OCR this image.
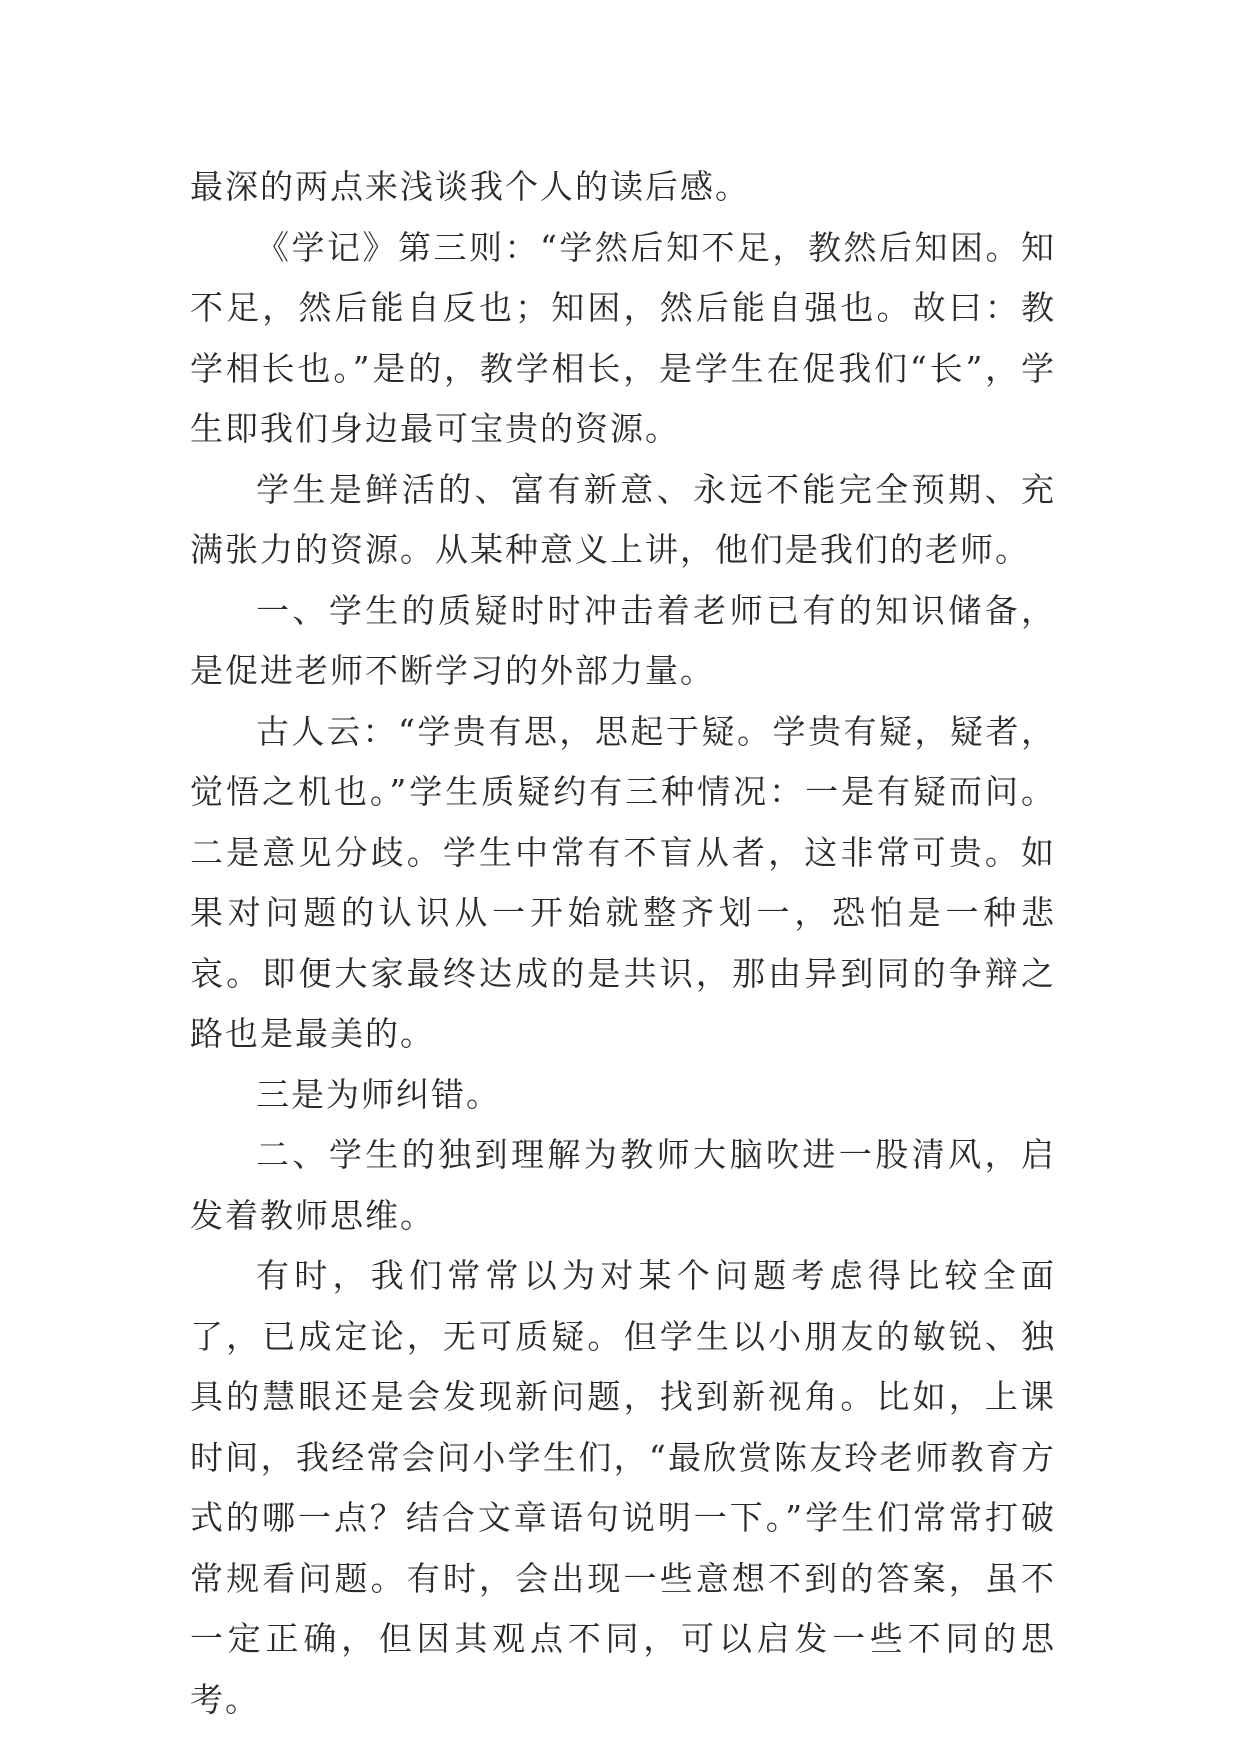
最深的两点来浅谈我个人的读后感。

《学记》第三则：“学然后知不足，教然后知困。知不足，然后能自反也；知困，然后能自强也。故曰：教学相长也。”是的，教学相长，是学生在促我们“长”，学生即我们身边最可宝贵的资源。

学生是鲜活的、富有新意、永远不能完全预期、充满张力的资源。从某种意义上讲，他们是我们的老师。

一、学生的质疑时时冲击着老师已有的知识储备，是促进老师不断学习的外部力量。

古人云：“学贵有思，思起于疑。学贵有疑，疑者，觉悟之机也。”学生质疑约有三种情况：一是有疑而问。二是意见分歧。学生中常有不盲从者，这非常可贵。如果对问题的认识从一开始就整齐划一，恐怕是一种悲哀。即便大家最终达成的是共识，那由异到同的争辩之路也是最美的。

三是为师纠错。

二、学生的独到理解为教师大脑吹进一股清风，启发着教师思维。

有时，我们常常以为对某个问题考虑得比较全面了，已成定论，无可质疑。但学生以小朋友的敏锐、独具的慧眼还是会发现新问题，找到新视角。比如，上课时间，我经常会问小学生们，“最欣赏陈友玲老师教育方式的哪一点？结合文章语句说明一下。”学生们常常打破常规看问题。有时，会出现一些意想不到的答案，虽不一定正确，但因其观点不同，可以启发一些不同的思考。
